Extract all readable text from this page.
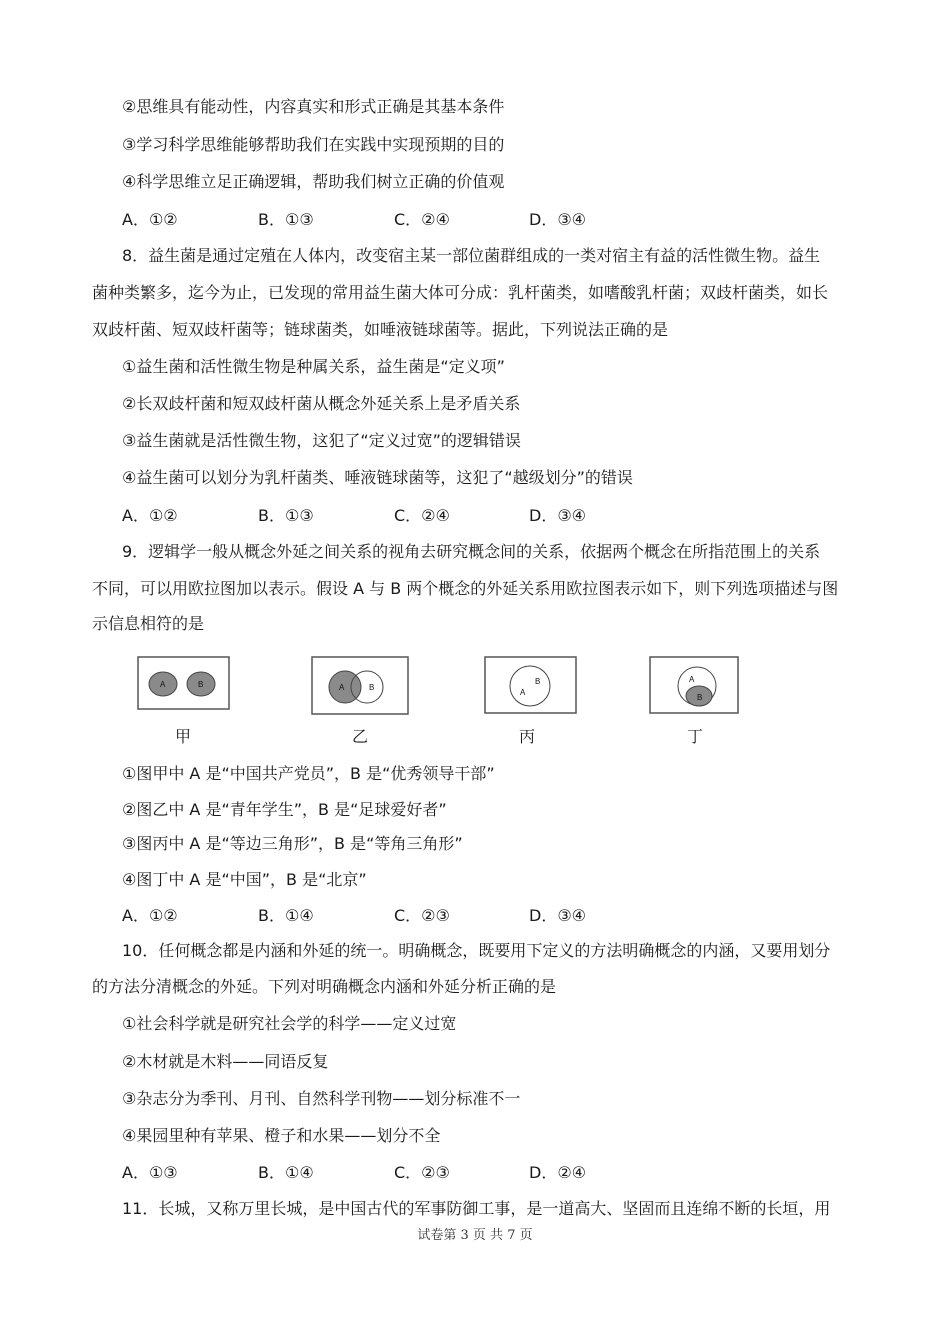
②思维具有能动性，内容真实和形式正确是其基本条件
③学习科学思维能够帮助我们在实践中实现预期的目的
④科学思维立足正确逻辑，帮助我们树立正确的价值观
A．①②	B．①③	C．②④	D．③④
8．益生菌是通过定殖在人体内，改变宿主某一部位菌群组成的一类对宿主有益的活性微生物。益生
菌种类繁多，迄今为止，已发现的常用益生菌大体可分成：乳杆菌类，如嗜酸乳杆菌；双歧杆菌类，如长
双歧杆菌、短双歧杆菌等；链球菌类，如唾液链球菌等。据此，下列说法正确的是
①益生菌和活性微生物是种属关系，益生菌是“定义项”
②长双歧杆菌和短双歧杆菌从概念外延关系上是矛盾关系
③益生菌就是活性微生物，这犯了“定义过宽”的逻辑错误
④益生菌可以划分为乳杆菌类、唾液链球菌等，这犯了“越级划分”的错误
A．①②	B．①③	C．②④	D．③④
9．逻辑学一般从概念外延之间关系的视角去研究概念间的关系，依据两个概念在所指范围上的关系
不同，可以用欧拉图加以表示。假设 A 与 B 两个概念的外延关系用欧拉图表示如下，则下列选项描述与图
示信息相符的是
A	B	A	B
A
B	A
B
甲	乙	丙	丁
①图甲中 A 是“中国共产党员”，B 是“优秀领导干部”
②图乙中 A 是“青年学生”，B 是“足球爱好者”
③图丙中 A 是“等边三角形”，B 是“等角三角形”
④图丁中 A 是“中国”，B 是“北京”
A．①②	B．①④	C．②③	D．③④
10．任何概念都是内涵和外延的统一。明确概念，既要用下定义的方法明确概念的内涵，又要用划分
的方法分清概念的外延。下列对明确概念内涵和外延分析正确的是
①社会科学就是研究社会学的科学——定义过宽
②木材就是木料——同语反复
③杂志分为季刊、月刊、自然科学刊物——划分标准不一
④果园里种有苹果、橙子和水果——划分不全
A．①③	B．①④	C．②③	D．②④
11．长城，又称万里长城，是中国古代的军事防御工事，是一道高大、坚固而且连绵不断的长垣，用
试卷第 3 页 共 7 页
